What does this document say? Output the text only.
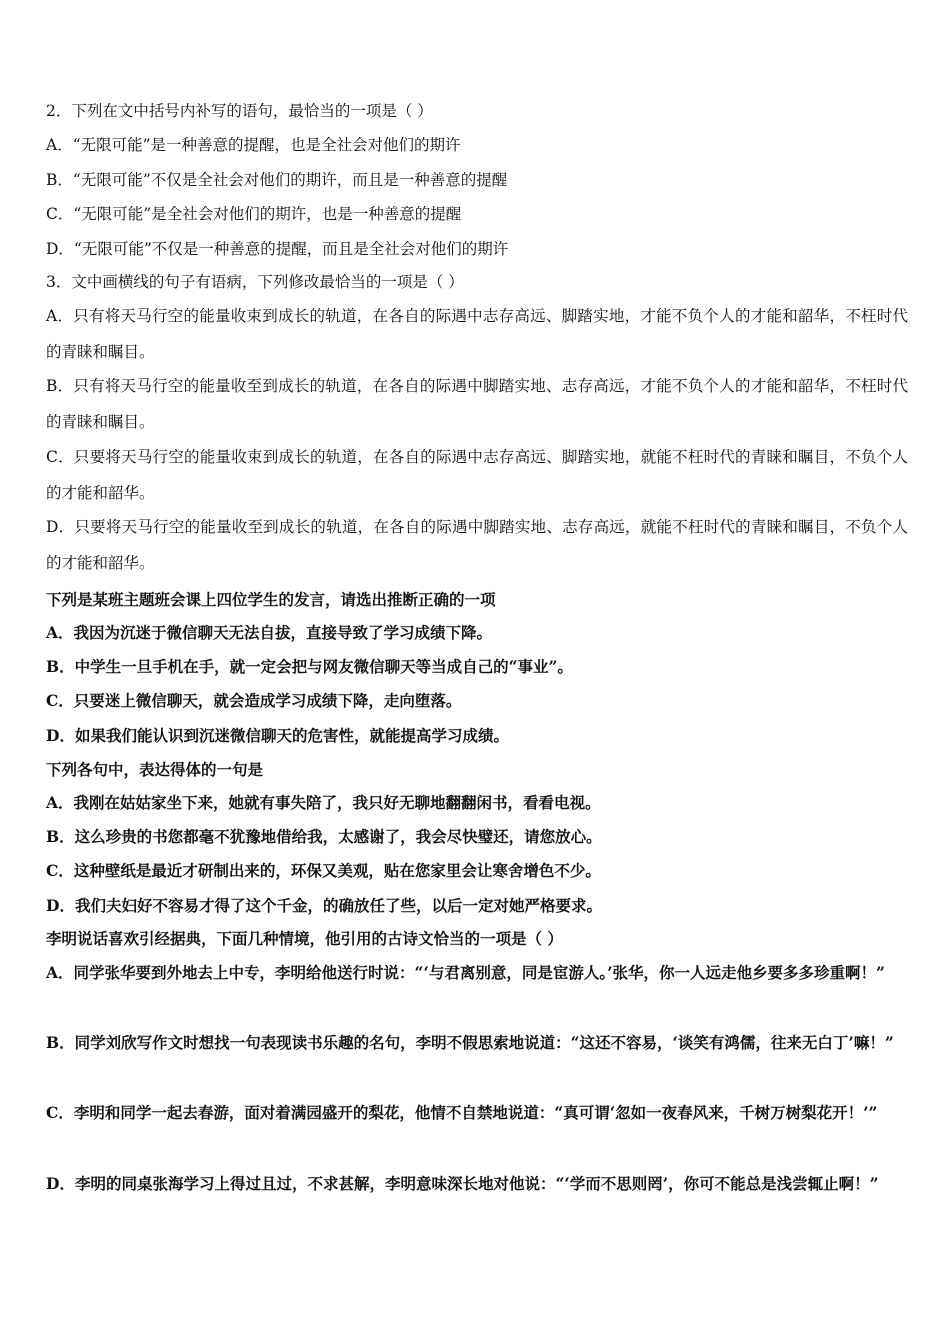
2．下列在文中括号内补写的语句，最恰当的一项是（ ）
A．“无限可能”是一种善意的提醒，也是全社会对他们的期许
B．“无限可能”不仅是全社会对他们的期许，而且是一种善意的提醒
C．“无限可能”是全社会对他们的期许，也是一种善意的提醒
D．“无限可能”不仅是一种善意的提醒，而且是全社会对他们的期许
3．文中画横线的句子有语病，下列修改最恰当的一项是（ ）
A．只有将天马行空的能量收束到成长的轨道，在各自的际遇中志存高远、脚踏实地，才能不负个人的才能和韶华，不枉时代的青睐和瞩目。
B．只有将天马行空的能量收至到成长的轨道，在各自的际遇中脚踏实地、志存高远，才能不负个人的才能和韶华，不枉时代的青睐和瞩目。
C．只要将天马行空的能量收束到成长的轨道，在各自的际遇中志存高远、脚踏实地，就能不枉时代的青睐和瞩目，不负个人的才能和韶华。
D．只要将天马行空的能量收至到成长的轨道，在各自的际遇中脚踏实地、志存高远，就能不枉时代的青睐和瞩目，不负个人的才能和韶华。
下列是某班主题班会课上四位学生的发言，请选出推断正确的一项
A．我因为沉迷于微信聊天无法自拔，直接导致了学习成绩下降。
B．中学生一旦手机在手，就一定会把与网友微信聊天等当成自己的“事业”。
C．只要迷上微信聊天，就会造成学习成绩下降，走向堕落。
D．如果我们能认识到沉迷微信聊天的危害性，就能提高学习成绩。
下列各句中，表达得体的一句是
A．我刚在姑姑家坐下来，她就有事失陪了，我只好无聊地翻翻闲书，看看电视。
B．这么珍贵的书您都毫不犹豫地借给我，太感谢了，我会尽快璧还，请您放心。
C．这种壁纸是最近才研制出来的，环保又美观，贴在您家里会让寒舍增色不少。
D．我们夫妇好不容易才得了这个千金，的确放任了些，以后一定对她严格要求。
李明说话喜欢引经据典，下面几种情境，他引用的古诗文恰当的一项是（ ）
A．同学张华要到外地去上中专，李明给他送行时说：“‘与君离别意，同是宦游人。’张华，你一人远走他乡要多多珍重啊！”
B．同学刘欣写作文时想找一句表现读书乐趣的名句，李明不假思索地说道：“这还不容易，‘谈笑有鸿儒，往来无白丁’嘛！”
C．李明和同学一起去春游，面对着满园盛开的梨花，他情不自禁地说道：“真可谓‘忽如一夜春风来，千树万树梨花开！’”
D．李明的同桌张海学习上得过且过，不求甚解，李明意味深长地对他说：“‘学而不思则罔’，你可不能总是浅尝辄止啊！”
